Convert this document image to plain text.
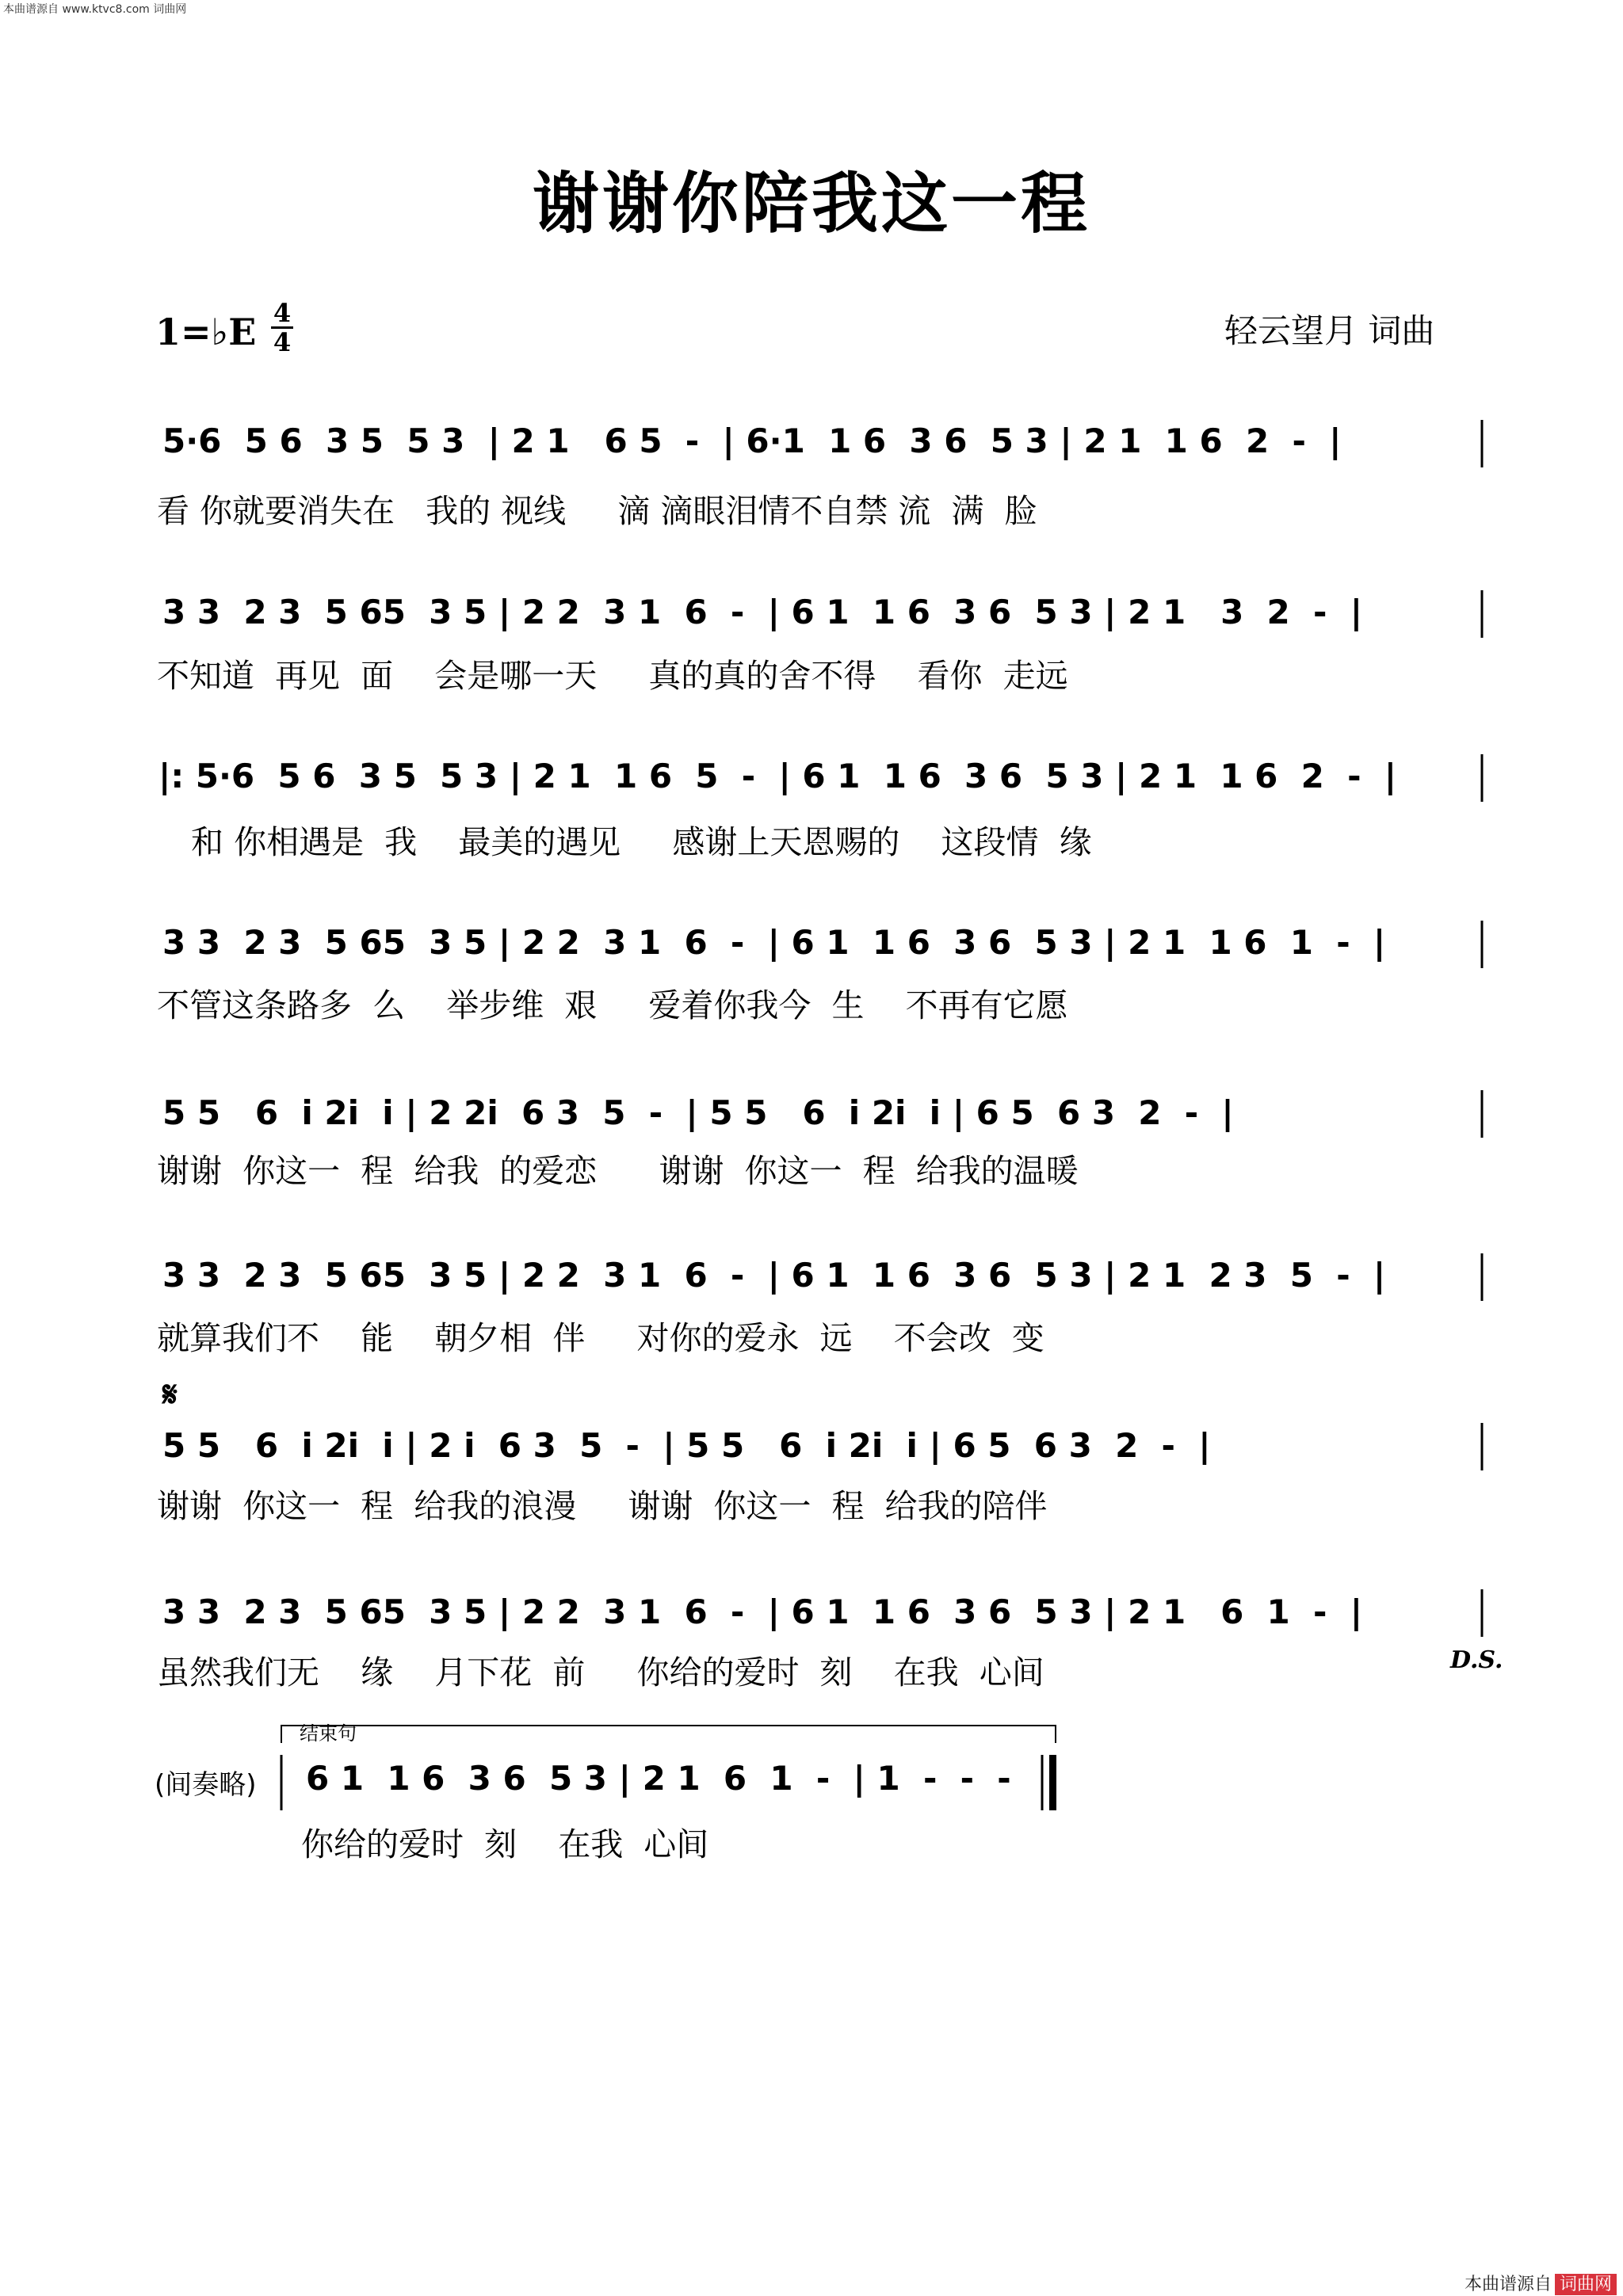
本曲谱源自 www.ktvc8.com 词曲网
谢谢你陪我这一程
1=♭E 4
4	轻云望月 词曲
5·6  5 6  3 5  5 3  | 2 1   6 5  -  | 6·1  1 6  3 6  5 3 | 2 1  1 6  2  -  |
看 你就要消失在   我的 视线     滴 滴眼泪情不自禁 流  满  脸
3 3  2 3  5 65  3 5 | 2 2  3 1  6  -  | 6 1  1 6  3 6  5 3 | 2 1   3  2  -  |
不知道  再见  面    会是哪一天     真的真的舍不得    看你  走远
|: 5·6  5 6  3 5  5 3 | 2 1  1 6  5  -  | 6 1  1 6  3 6  5 3 | 2 1  1 6  2  -  |
和 你相遇是  我    最美的遇见     感谢上天恩赐的    这段情  缘
3 3  2 3  5 65  3 5 | 2 2  3 1  6  -  | 6 1  1 6  3 6  5 3 | 2 1  1 6  1  -  |
不管这条路多  么    举步维  艰     爱着你我今  生    不再有它愿
5 5   6  i 2i  i | 2 2i  6 3  5  -  | 5 5   6  i 2i  i | 6 5  6 3  2  -  |
谢谢  你这一  程  给我  的爱恋      谢谢  你这一  程  给我的温暖
3 3  2 3  5 65  3 5 | 2 2  3 1  6  -  | 6 1  1 6  3 6  5 3 | 2 1  2 3  5  -  |
就算我们不    能    朝夕相  伴     对你的爱永  远    不会改  变
𝄋
5 5   6  i 2i  i | 2 i  6 3  5  -  | 5 5   6  i 2i  i | 6 5  6 3  2  -  |
谢谢  你这一  程  给我的浪漫     谢谢  你这一  程  给我的陪伴
3 3  2 3  5 65  3 5 | 2 2  3 1  6  -  | 6 1  1 6  3 6  5 3 | 2 1   6  1  -  |
虽然我们无    缘    月下花  前     你给的爱时  刻    在我  心间	D.S.
结束句
(间奏略) 6 1  1 6  3 6  5 3 | 2 1  6  1  -  | 1  -  -  -
你给的爱时  刻    在我  心间
本曲谱源自 词曲网
